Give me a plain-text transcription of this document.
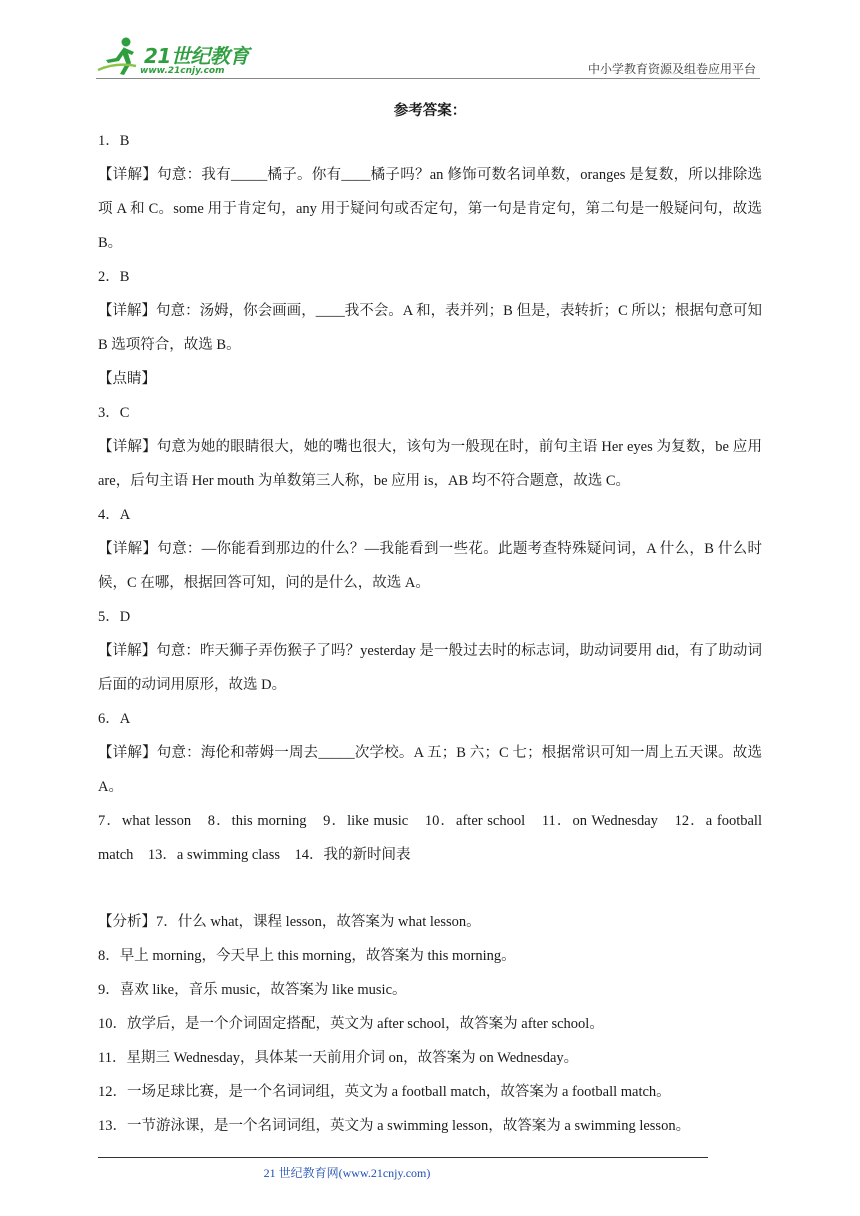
21世纪教育
www.21cnjy.com	中小学教育资源及组卷应用平台
参考答案：
1．B
【详解】句意：我有_____橘子。你有____橘子吗？an 修饰可数名词单数，oranges 是复数，所以排除选项 A 和 C。some 用于肯定句，any 用于疑问句或否定句，第一句是肯定句，第二句是一般疑问句，故选 B。
2．B
【详解】句意：汤姆，你会画画，____我不会。A 和，表并列；B 但是，表转折；C 所以；根据句意可知 B 选项符合，故选 B。
【点睛】
3．C
【详解】句意为她的眼睛很大，她的嘴也很大，该句为一般现在时，前句主语 Her eyes 为复数，be 应用 are，后句主语 Her mouth 为单数第三人称，be 应用 is，AB 均不符合题意，故选 C。
4．A
【详解】句意：—你能看到那边的什么？—我能看到一些花。此题考查特殊疑问词，A 什么，B 什么时候，C 在哪，根据回答可知，问的是什么，故选 A。
5．D
【详解】句意：昨天狮子弄伤猴子了吗？yesterday 是一般过去时的标志词，助动词要用 did，有了助动词后面的动词用原形，故选 D。
6．A
【详解】句意：海伦和蒂姆一周去_____次学校。A 五；B 六；C 七；根据常识可知一周上五天课。故选 A。
7．what lesson　8．this morning　9．like music　10．after school　11．on Wednesday　12．a football match　13．a swimming class　14．我的新时间表
【分析】7．什么 what，课程 lesson，故答案为 what lesson。
8．早上 morning，今天早上 this morning，故答案为 this morning。
9．喜欢 like，音乐 music，故答案为 like music。
10．放学后，是一个介词固定搭配，英文为 after school，故答案为 after school。
11．星期三 Wednesday，具体某一天前用介词 on，故答案为 on Wednesday。
12．一场足球比赛，是一个名词词组，英文为 a football match，故答案为 a football match。
13．一节游泳课，是一个名词词组，英文为 a swimming lesson，故答案为 a swimming lesson。
21 世纪教育网(www.21cnjy.com)
